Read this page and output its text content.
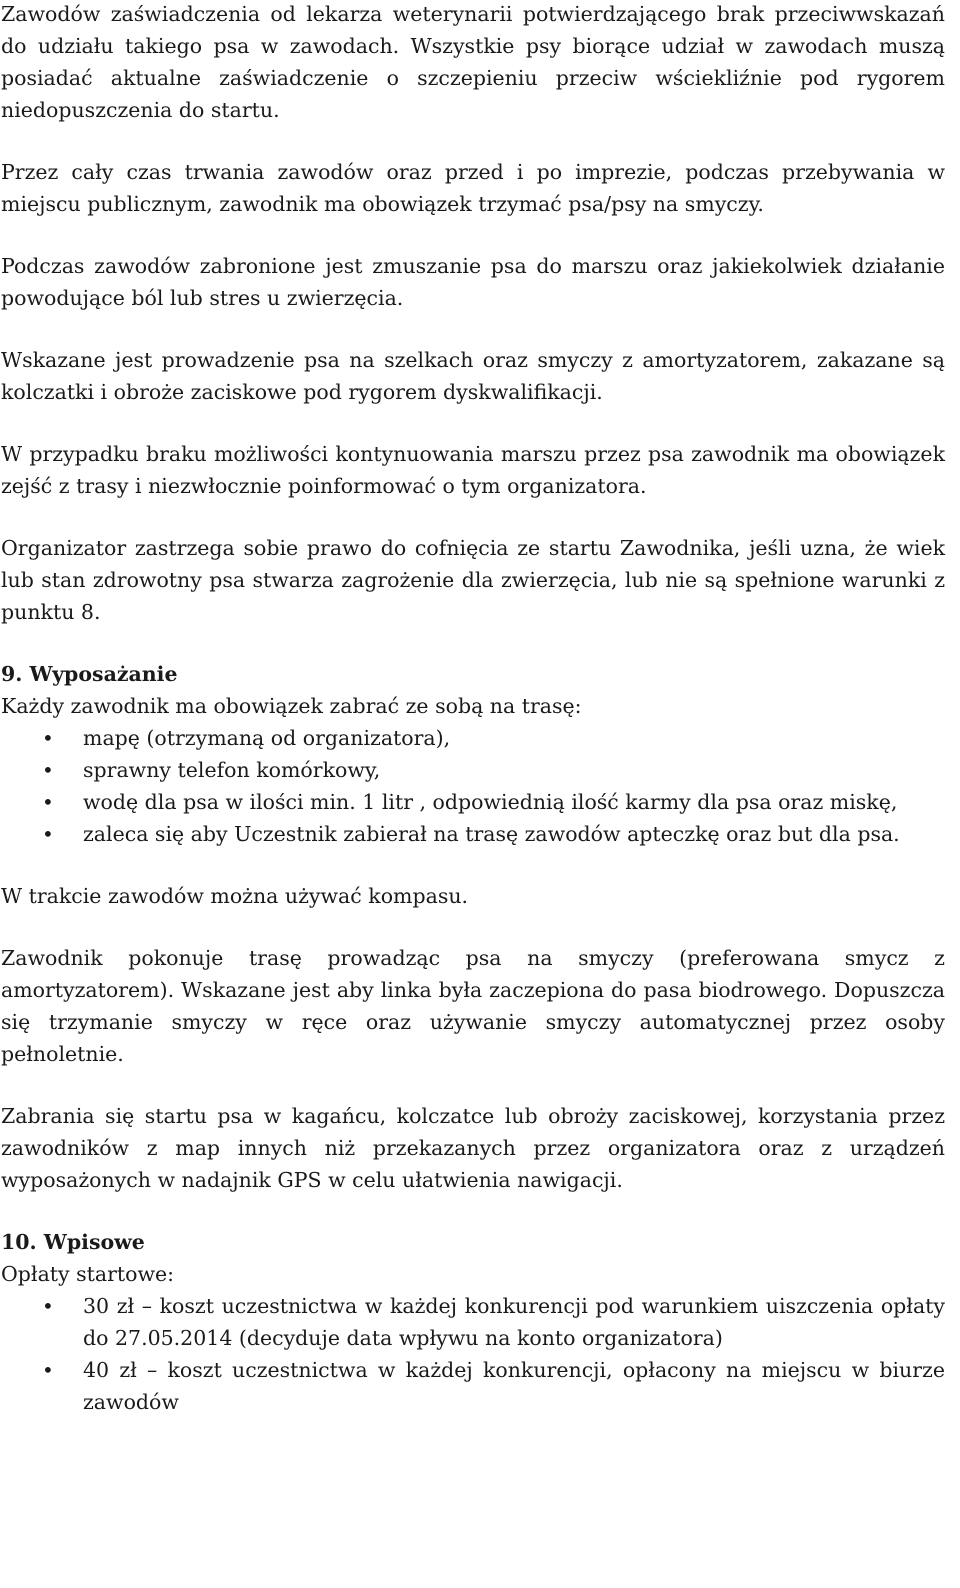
Zawodów zaświadczenia od lekarza weterynarii potwierdzającego brak przeciwwskazań do udziału takiego psa w zawodach. Wszystkie psy biorące udział w zawodach muszą posiadać aktualne zaświadczenie o szczepieniu przeciw wściekliźnie pod rygorem niedopuszczenia do startu.

Przez cały czas trwania zawodów oraz przed i po imprezie, podczas przebywania w miejscu publicznym, zawodnik ma obowiązek trzymać psa/psy na smyczy.

Podczas zawodów zabronione jest zmuszanie psa do marszu oraz jakiekolwiek działanie powodujące ból lub stres u zwierzęcia.

Wskazane jest prowadzenie psa na szelkach oraz smyczy z amortyzatorem, zakazane są kolczatki i obroże zaciskowe pod rygorem dyskwalifikacji.

W przypadku braku możliwości kontynuowania marszu przez psa zawodnik ma obowiązek zejść z trasy i niezwłocznie poinformować o tym organizatora.

Organizator zastrzega sobie prawo do cofnięcia ze startu Zawodnika, jeśli uzna, że wiek lub stan zdrowotny psa stwarza zagrożenie dla zwierzęcia, lub nie są spełnione warunki z punktu 8.

9. Wyposażanie

Każdy zawodnik ma obowiązek zabrać ze sobą na trasę:

• mapę (otrzymaną od organizatora),
• sprawny telefon komórkowy,
• wodę dla psa w ilości min. 1 litr , odpowiednią ilość karmy dla psa oraz miskę,
• zaleca się aby Uczestnik zabierał na trasę zawodów apteczkę oraz but dla psa.

W trakcie zawodów można używać kompasu.

Zawodnik pokonuje trasę prowadząc psa na smyczy (preferowana smycz z amortyzatorem). Wskazane jest aby linka była zaczepiona do pasa biodrowego. Dopuszcza się trzymanie smyczy w ręce oraz używanie smyczy automatycznej przez osoby pełnoletnie.

Zabrania się startu psa w kagańcu, kolczatce lub obroży zaciskowej, korzystania przez zawodników z map innych niż przekazanych przez organizatora oraz z urządzeń wyposażonych w nadajnik GPS w celu ułatwienia nawigacji.

10. Wpisowe

Opłaty startowe:

• 30 zł – koszt uczestnictwa w każdej konkurencji pod warunkiem uiszczenia opłaty do 27.05.2014 (decyduje data wpływu na konto organizatora)
• 40 zł – koszt uczestnictwa w każdej konkurencji, opłacony na miejscu w biurze zawodów
